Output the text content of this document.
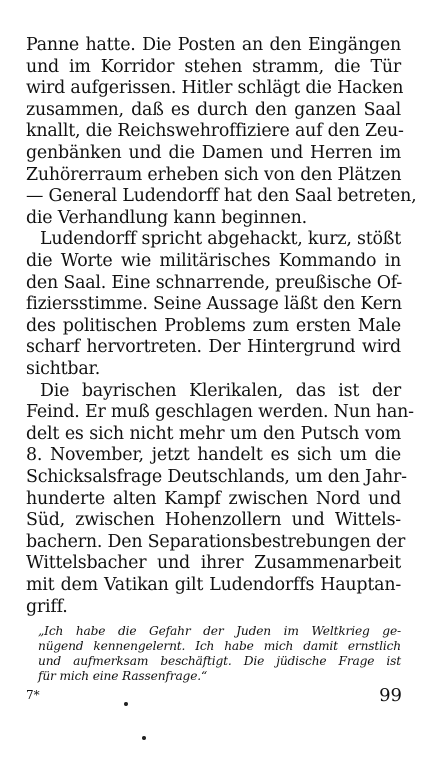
Panne hatte. Die Posten an den Eingängen
und im Korridor stehen stramm, die Tür
wird aufgerissen. Hitler schlägt die Hacken
zusammen, daß es durch den ganzen Saal
knallt, die Reichswehroffiziere auf den Zeu-
genbänken und die Damen und Herren im
Zuhörerraum erheben sich von den Plätzen
— General Ludendorff hat den Saal betreten,
die Verhandlung kann beginnen.
Ludendorff spricht abgehackt, kurz, stößt
die Worte wie militärisches Kommando in
den Saal. Eine schnarrende, preußische Of-
fiziersstimme. Seine Aussage läßt den Kern
des politischen Problems zum ersten Male
scharf hervortreten. Der Hintergrund wird
sichtbar.
Die bayrischen Klerikalen, das ist der
Feind. Er muß geschlagen werden. Nun han-
delt es sich nicht mehr um den Putsch vom
8. November, jetzt handelt es sich um die
Schicksalsfrage Deutschlands, um den Jahr-
hunderte alten Kampf zwischen Nord und
Süd, zwischen Hohenzollern und Wittels-
bachern. Den Separationsbestrebungen der
Wittelsbacher und ihrer Zusammenarbeit
mit dem Vatikan gilt Ludendorffs Hauptan-
griff.
7*	99
„Ich habe die Gefahr der Juden im Weltkrieg ge-
nügend kennengelernt. Ich habe mich damit ernstlich
und aufmerksam beschäftigt. Die jüdische Frage ist
für mich eine Rassenfrage.“
